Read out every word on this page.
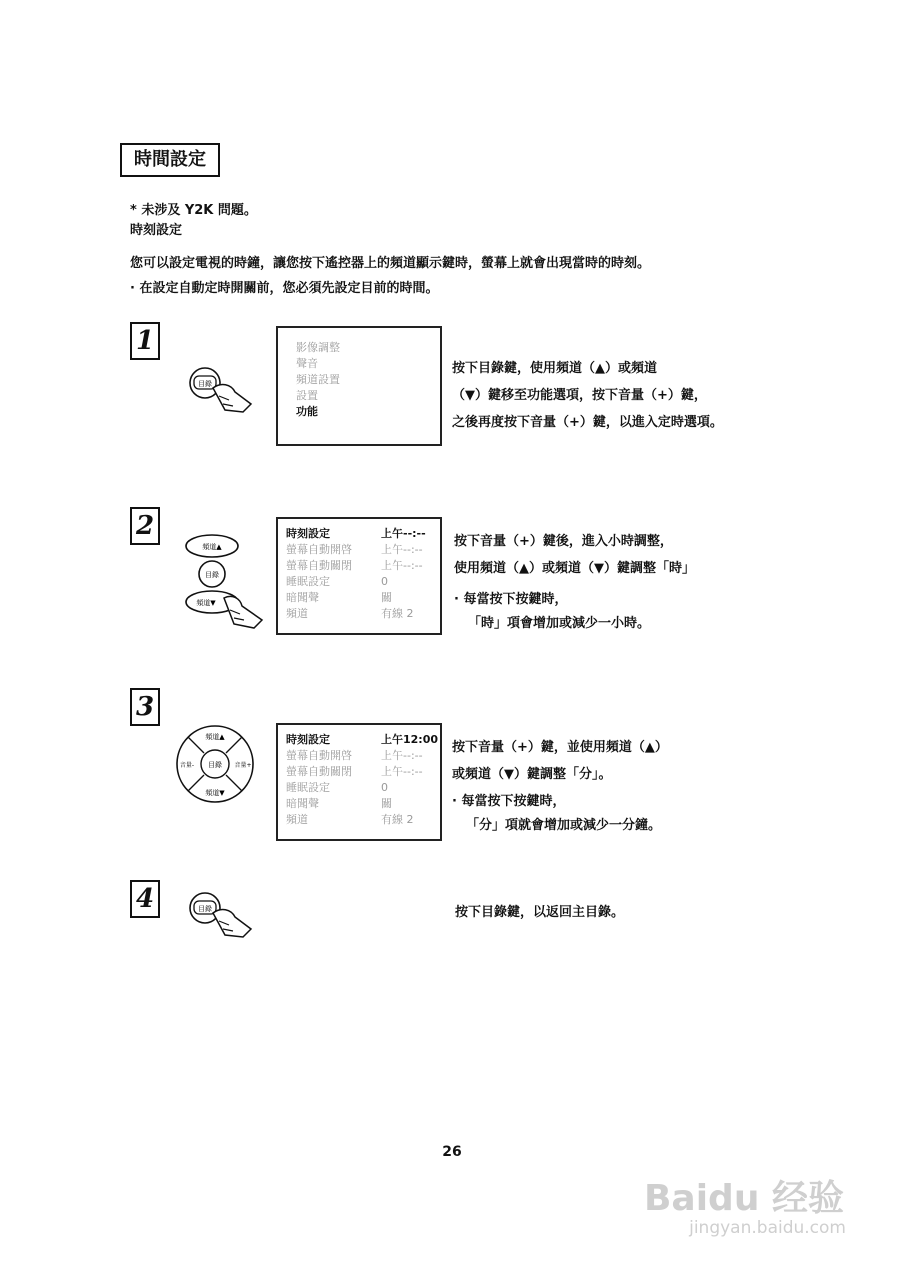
時間設定
* 未涉及 Y2K 問題。
時刻設定
您可以設定電視的時鐘，讓您按下遙控器上的頻道顯示鍵時，螢幕上就會出現當時的時刻。
· 在設定自動定時開關前，您必須先設定目前的時間。
1
目錄
影像調整
聲音
頻道設置
設置
功能
按下目錄鍵，使用頻道（▲）或頻道
（▼）鍵移至功能選項，按下音量（+）鍵，
之後再度按下音量（+）鍵，以進入定時選項。
2
頻道▲
目錄
頻道▼
時刻設定	上午--:--
螢幕自動開啓	上午--:--
螢幕自動關閉	上午--:--
睡眠設定	0
暗聞聲	關
頻道	有線 2
按下音量（+）鍵後，進入小時調整，
使用頻道（▲）或頻道（▼）鍵調整「時」
· 每當按下按鍵時，
「時」項會增加或減少一小時。
3
目錄
頻道▲
頻道▼
音量-	音量+
時刻設定	上午12:00
螢幕自動開啓	上午--:--
螢幕自動關閉	上午--:--
睡眠設定	0
暗聞聲	關
頻道	有線 2
按下音量（+）鍵，並使用頻道（▲）
或頻道（▼）鍵調整「分」。
· 每當按下按鍵時，
「分」項就會增加或減少一分鐘。
4	目錄	按下目錄鍵，以返回主目錄。
26
Baidu 经验
jingyan.baidu.com
